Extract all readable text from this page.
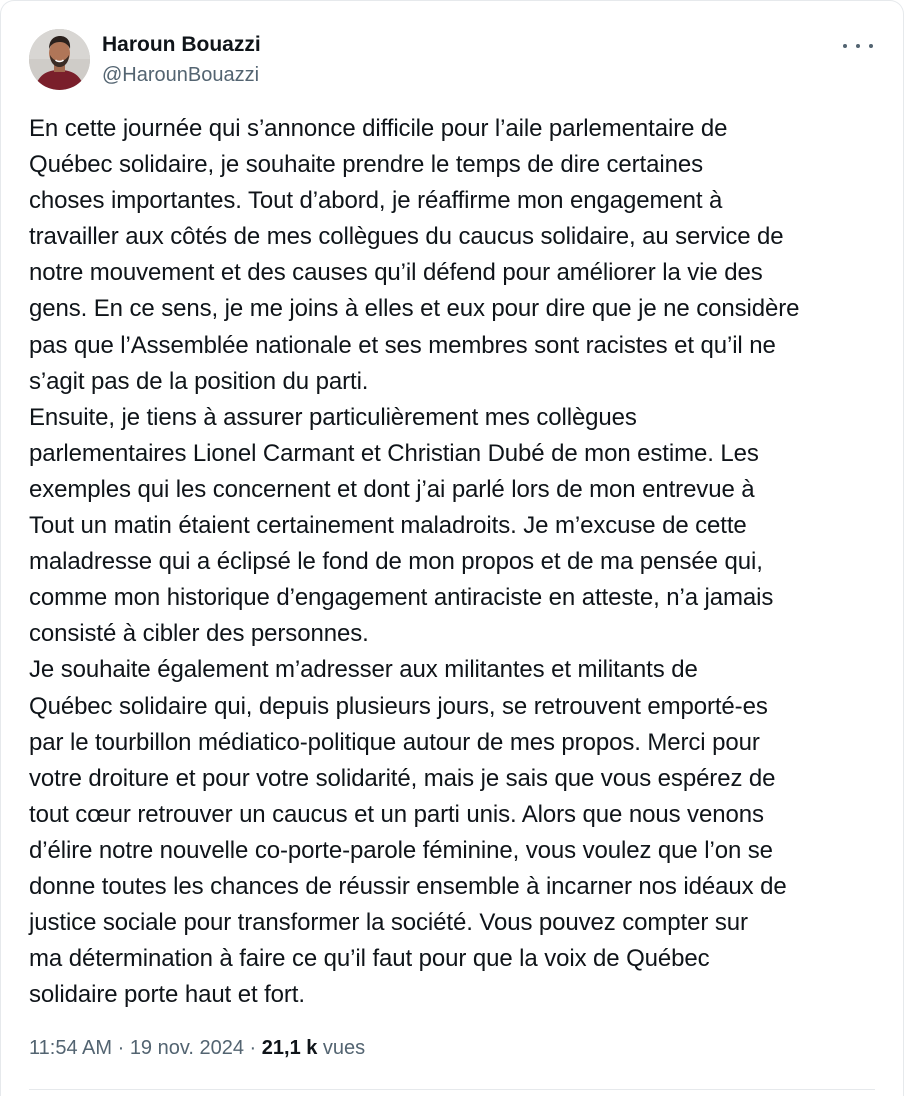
Haroun Bouazzi
@HarounBouazzi

En cette journée qui s’annonce difficile pour l’aile parlementaire de
Québec solidaire, je souhaite prendre le temps de dire certaines
choses importantes. Tout d’abord, je réaffirme mon engagement à
travailler aux côtés de mes collègues du caucus solidaire, au service de
notre mouvement et des causes qu’il défend pour améliorer la vie des
gens. En ce sens, je me joins à elles et eux pour dire que je ne considère
pas que l’Assemblée nationale et ses membres sont racistes et qu’il ne
s’agit pas de la position du parti.

Ensuite, je tiens à assurer particulièrement mes collègues
parlementaires Lionel Carmant et Christian Dubé de mon estime. Les
exemples qui les concernent et dont j’ai parlé lors de mon entrevue à
Tout un matin étaient certainement maladroits. Je m’excuse de cette
maladresse qui a éclipsé le fond de mon propos et de ma pensée qui,
comme mon historique d’engagement antiraciste en atteste, n’a jamais
consisté à cibler des personnes.

Je souhaite également m’adresser aux militantes et militants de
Québec solidaire qui, depuis plusieurs jours, se retrouvent emporté-es
par le tourbillon médiatico-politique autour de mes propos. Merci pour
votre droiture et pour votre solidarité, mais je sais que vous espérez de
tout cœur retrouver un caucus et un parti unis. Alors que nous venons
d’élire notre nouvelle co-porte-parole féminine, vous voulez que l’on se
donne toutes les chances de réussir ensemble à incarner nos idéaux de
justice sociale pour transformer la société. Vous pouvez compter sur
ma détermination à faire ce qu’il faut pour que la voix de Québec
solidaire porte haut et fort.

11:54 AM · 19 nov. 2024 · 21,1 k vues
